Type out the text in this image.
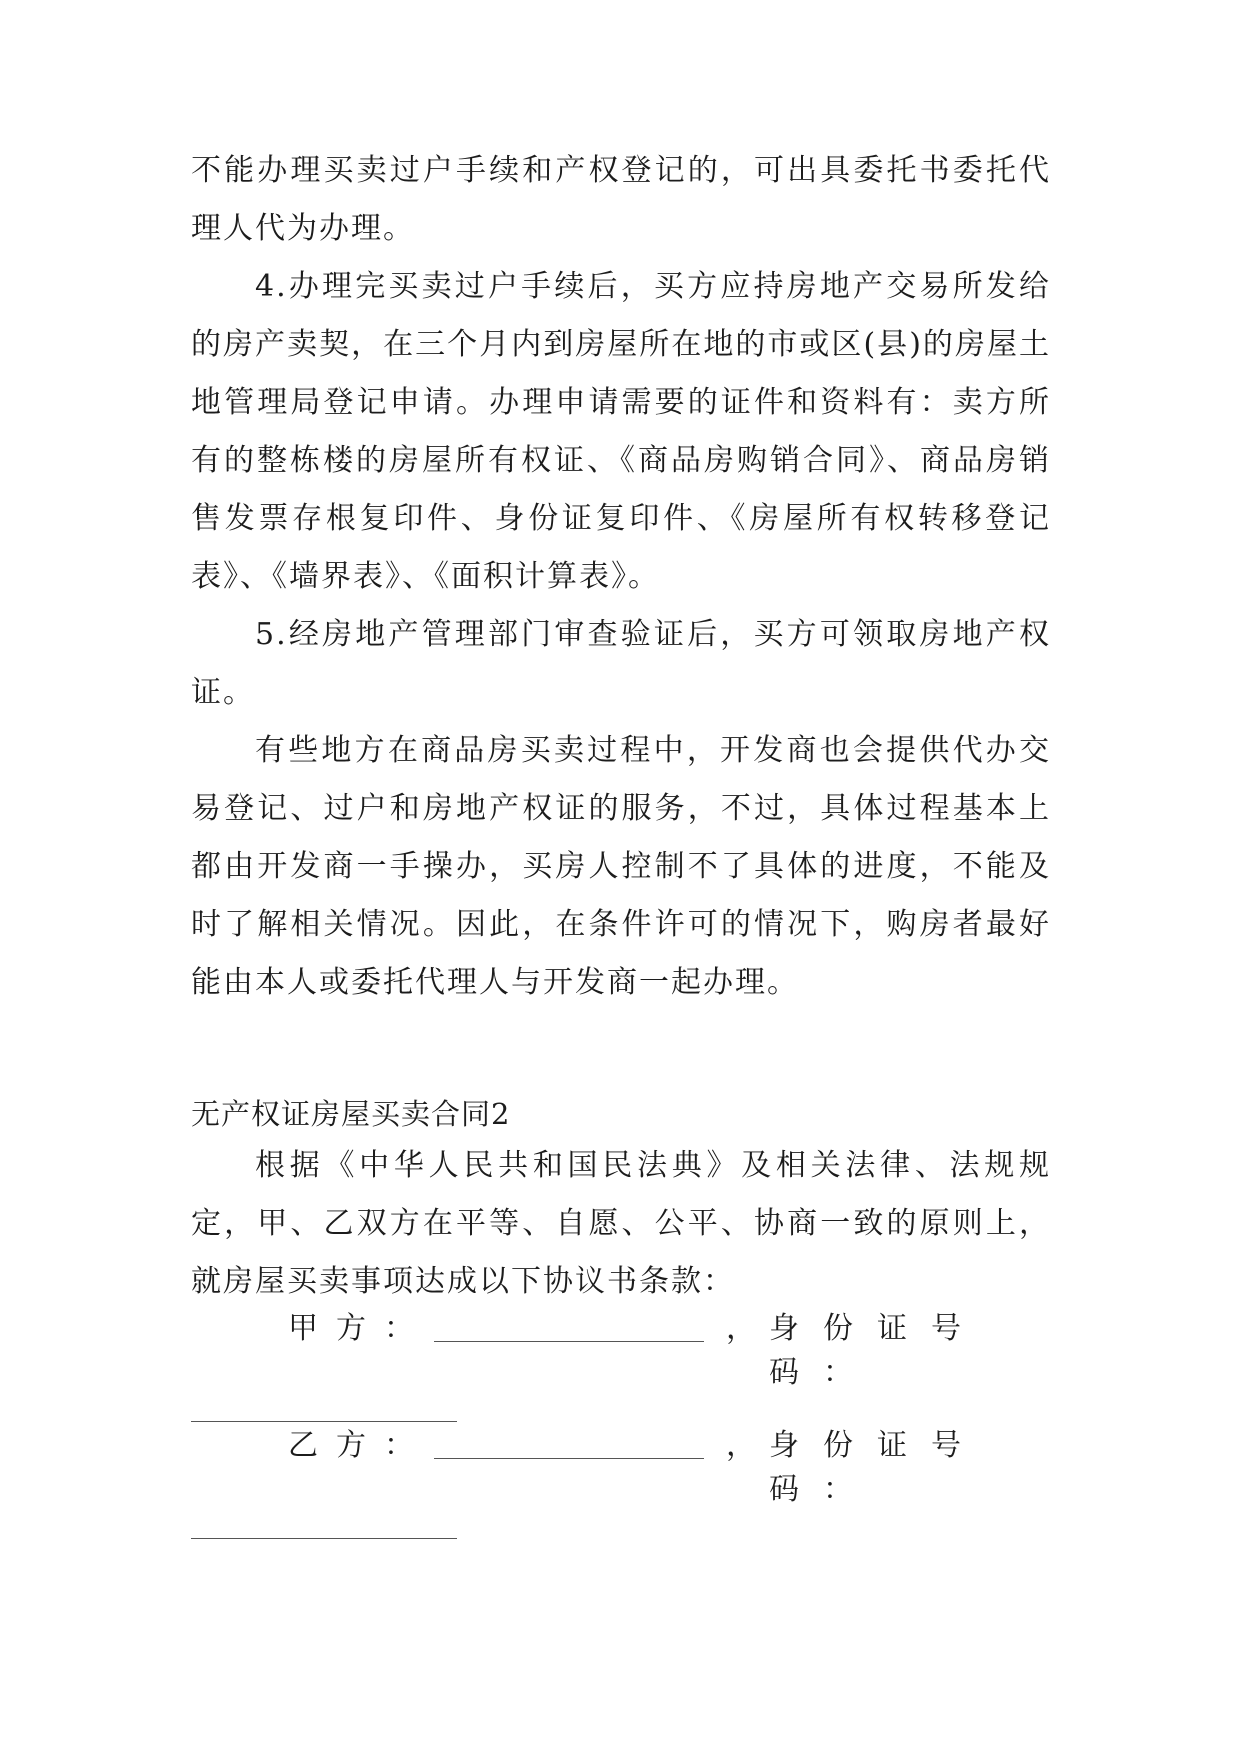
不能办理买卖过户手续和产权登记的，可出具委托书委托代理人代为办理。

4.办理完买卖过户手续后，买方应持房地产交易所发给的房产卖契，在三个月内到房屋所在地的市或区(县)的房屋土地管理局登记申请。办理申请需要的证件和资料有：卖方所有的整栋楼的房屋所有权证、《商品房购销合同》、商品房销售发票存根复印件、身份证复印件、《房屋所有权转移登记表》、《墙界表》、《面积计算表》。

5.经房地产管理部门审查验证后，买方可领取房地产权证。

有些地方在商品房买卖过程中，开发商也会提供代办交易登记、过户和房地产权证的服务，不过，具体过程基本上都由开发商一手操办，买房人控制不了具体的进度，不能及时了解相关情况。因此，在条件许可的情况下，购房者最好能由本人或委托代理人与开发商一起办理。

无产权证房屋买卖合同2

根据《中华人民共和国民法典》及相关法律、法规规定，甲、乙双方在平等、自愿、公平、协商一致的原则上，就房屋买卖事项达成以下协议书条款：

甲方：	， 身份证号码：
乙方：	， 身份证号码：
